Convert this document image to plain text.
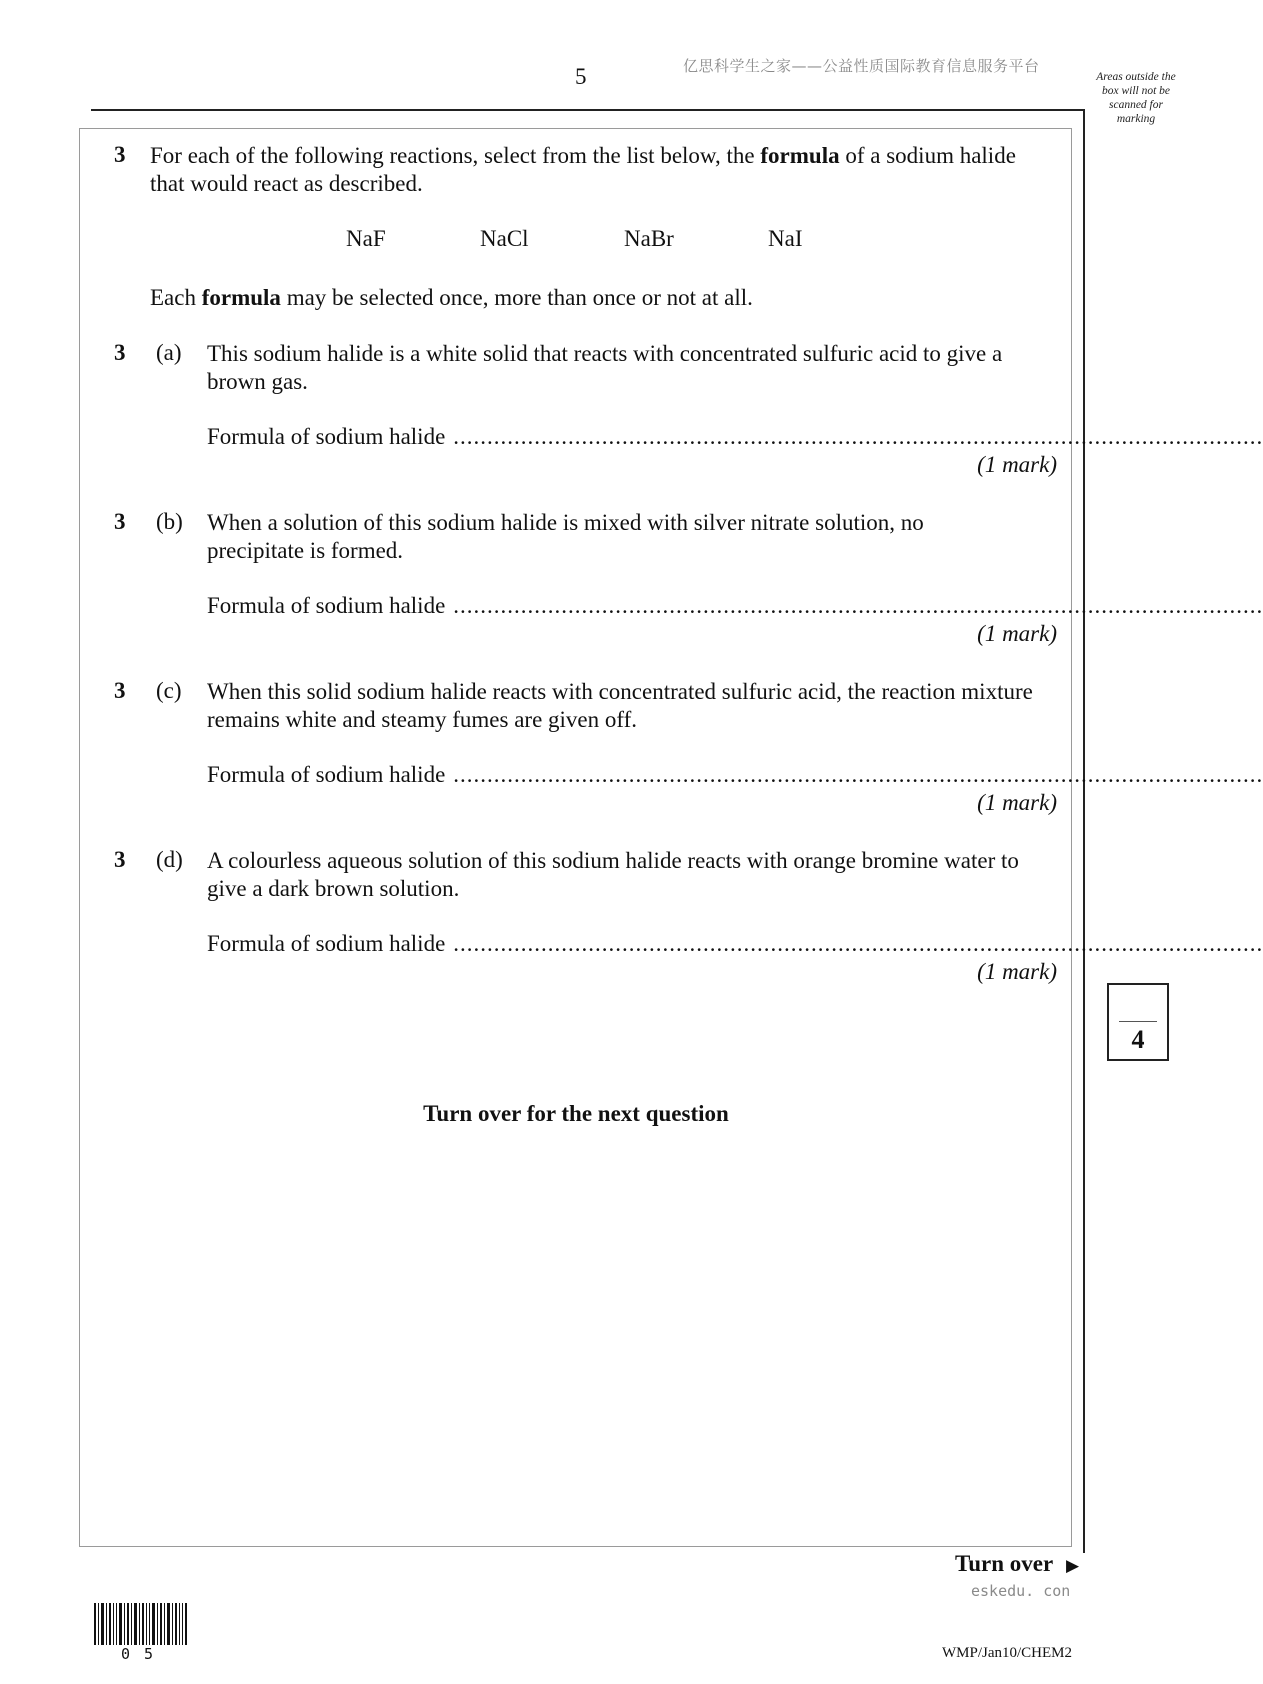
5	亿思科学生之家——公益性质国际教育信息服务平台
Areas outside the box will not be scanned for marking
3 For each of the following reactions, select from the list below, the formula of a sodium halide that would react as described.
NaF	NaCl	NaBr	NaI
Each formula may be selected once, more than once or not at all.
3 (a) This sodium halide is a white solid that reacts with concentrated sulfuric acid to give a brown gas.
Formula of sodium halide ........................................................................................................................
(1 mark)
3 (b) When a solution of this sodium halide is mixed with silver nitrate solution, no precipitate is formed.
Formula of sodium halide ........................................................................................................................
(1 mark)
3 (c) When this solid sodium halide reacts with concentrated sulfuric acid, the reaction mixture remains white and steamy fumes are given off.
Formula of sodium halide ........................................................................................................................
(1 mark)
3 (d) A colourless aqueous solution of this sodium halide reacts with orange bromine water to give a dark brown solution.
Formula of sodium halide ........................................................................................................................
(1 mark)
4
Turn over for the next question
Turn over ▶
eskedu. con
05	WMP/Jan10/CHEM2
